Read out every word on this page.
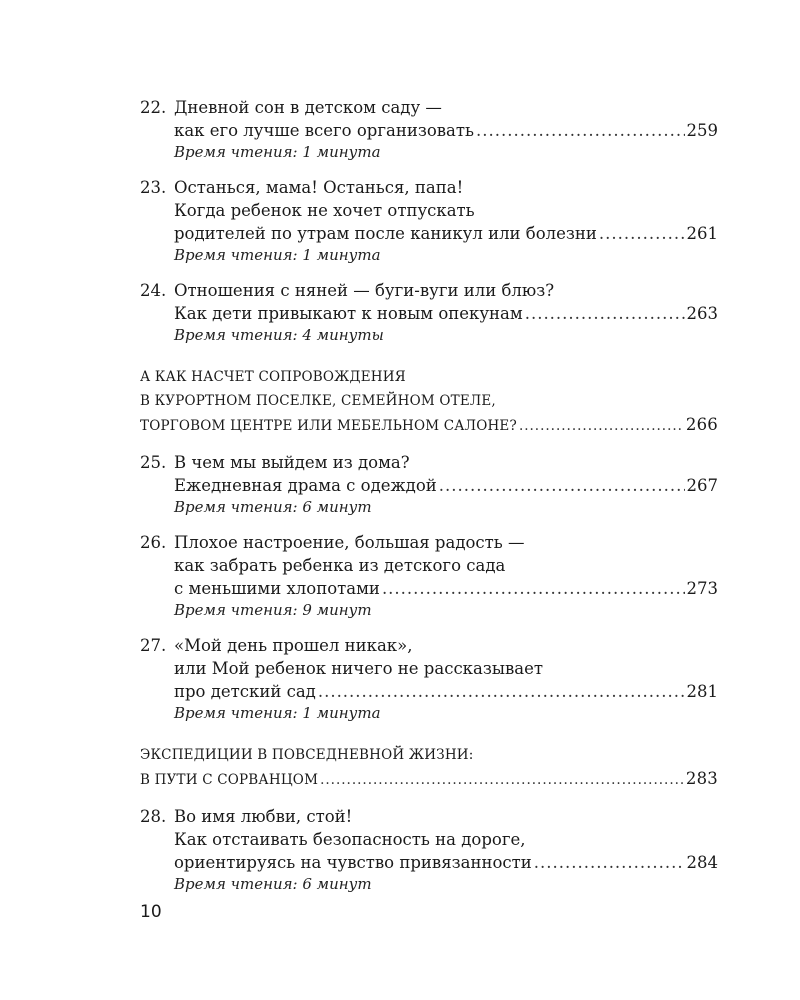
22. Дневной сон в детском саду —
как его лучше всего организовать .....	259
Время чтения: 1 минута
23. Останься, мама! Останься, папа!
Когда ребенок не хочет отпускать
родителей по утрам после каникул или болезни .....	261
Время чтения: 1 минута
24. Отношения с няней — буги-вуги или блюз?
Как дети привыкают к новым опекунам .....	263
Время чтения: 4 минуты
А КАК НАСЧЕТ СОПРОВОЖДЕНИЯ
В КУРОРТНОМ ПОСЕЛКЕ, СЕМЕЙНОМ ОТЕЛЕ,
ТОРГОВОМ ЦЕНТРЕ ИЛИ МЕБЕЛЬНОМ САЛОНЕ? .....	266
25. В чем мы выйдем из дома?
Ежедневная драма с одеждой .....	267
Время чтения: 6 минут
26. Плохое настроение, большая радость —
как забрать ребенка из детского сада
с меньшими хлопотами .....	273
Время чтения: 9 минут
27. «Мой день прошел никак»,
или Мой ребенок ничего не рассказывает
про детский сад .....	281
Время чтения: 1 минута
ЭКСПЕДИЦИИ В ПОВСЕДНЕВНОЙ ЖИЗНИ:
В ПУТИ С СОРВАНЦОМ .....	283
28. Во имя любви, стой!
Как отстаивать безопасность на дороге,
ориентируясь на чувство привязанности .....	284
Время чтения: 6 минут
10
